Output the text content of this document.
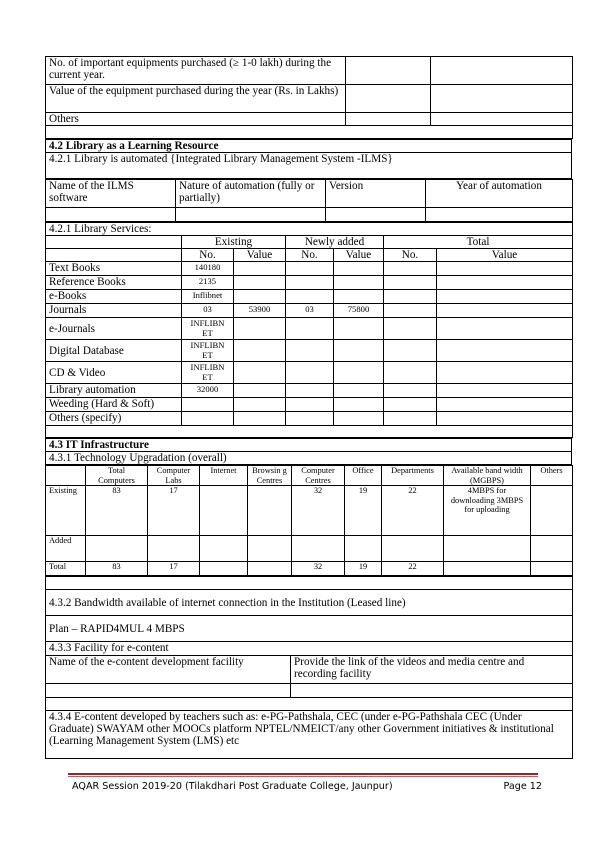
No. of important equipments purchased (≥ 1-0 lakh) during the current year.		
Value of the equipment purchased during the year (Rs. in Lakhs)		
Others		

4.2 Library as a Learning Resource
4.2.1 Library is automated {Integrated Library Management System -ILMS}
Name of the ILMS software	Nature of automation (fully or partially)	Version	Year of automation

4.2.1 Library Services:						
	Existing		Newly added		Total	
	No.	Value	No.	Value	No.	Value
Text Books	140180					
Reference Books	2135					
e-Books	Inflibnet					
Journals	03	53900	03	75800		
e-Journals	INFLIBN ET					
Digital Database	INFLIBN ET					
CD & Video	INFLIBN ET					
Library automation	32000					
Weeding (Hard & Soft)						
Others (specify)						

4.3 IT Infrastructure
4.3.1 Technology Upgradation (overall)
	Total Computers	Computer Labs	Internet	Browsin g Centres	Computer Centres	Office	Departments	Available band width (MGBPS)	Others
Existing	83	17			32	19	22	4MBPS for downloading 3MBPS for uploading	
Added									
Total	83	17			32	19	22		

4.3.2 Bandwidth available of internet connection in the Institution (Leased line)	
Plan – RAPID4MUL 4 MBPS	
4.3.3 Facility for e-content	
Name of the e-content development facility	Provide the link of the videos and media centre and recording facility

4.3.4 E-content developed by teachers such as: e-PG-Pathshala, CEC (under e-PG-Pathshala CEC (Under Graduate) SWAYAM other MOOCs platform NPTEL/NMEICT/any other Government initiatives & institutional (Learning Management System (LMS) etc	
AQAR Session 2019-20 (Tilakdhari Post Graduate College, Jaunpur)	Page 12
